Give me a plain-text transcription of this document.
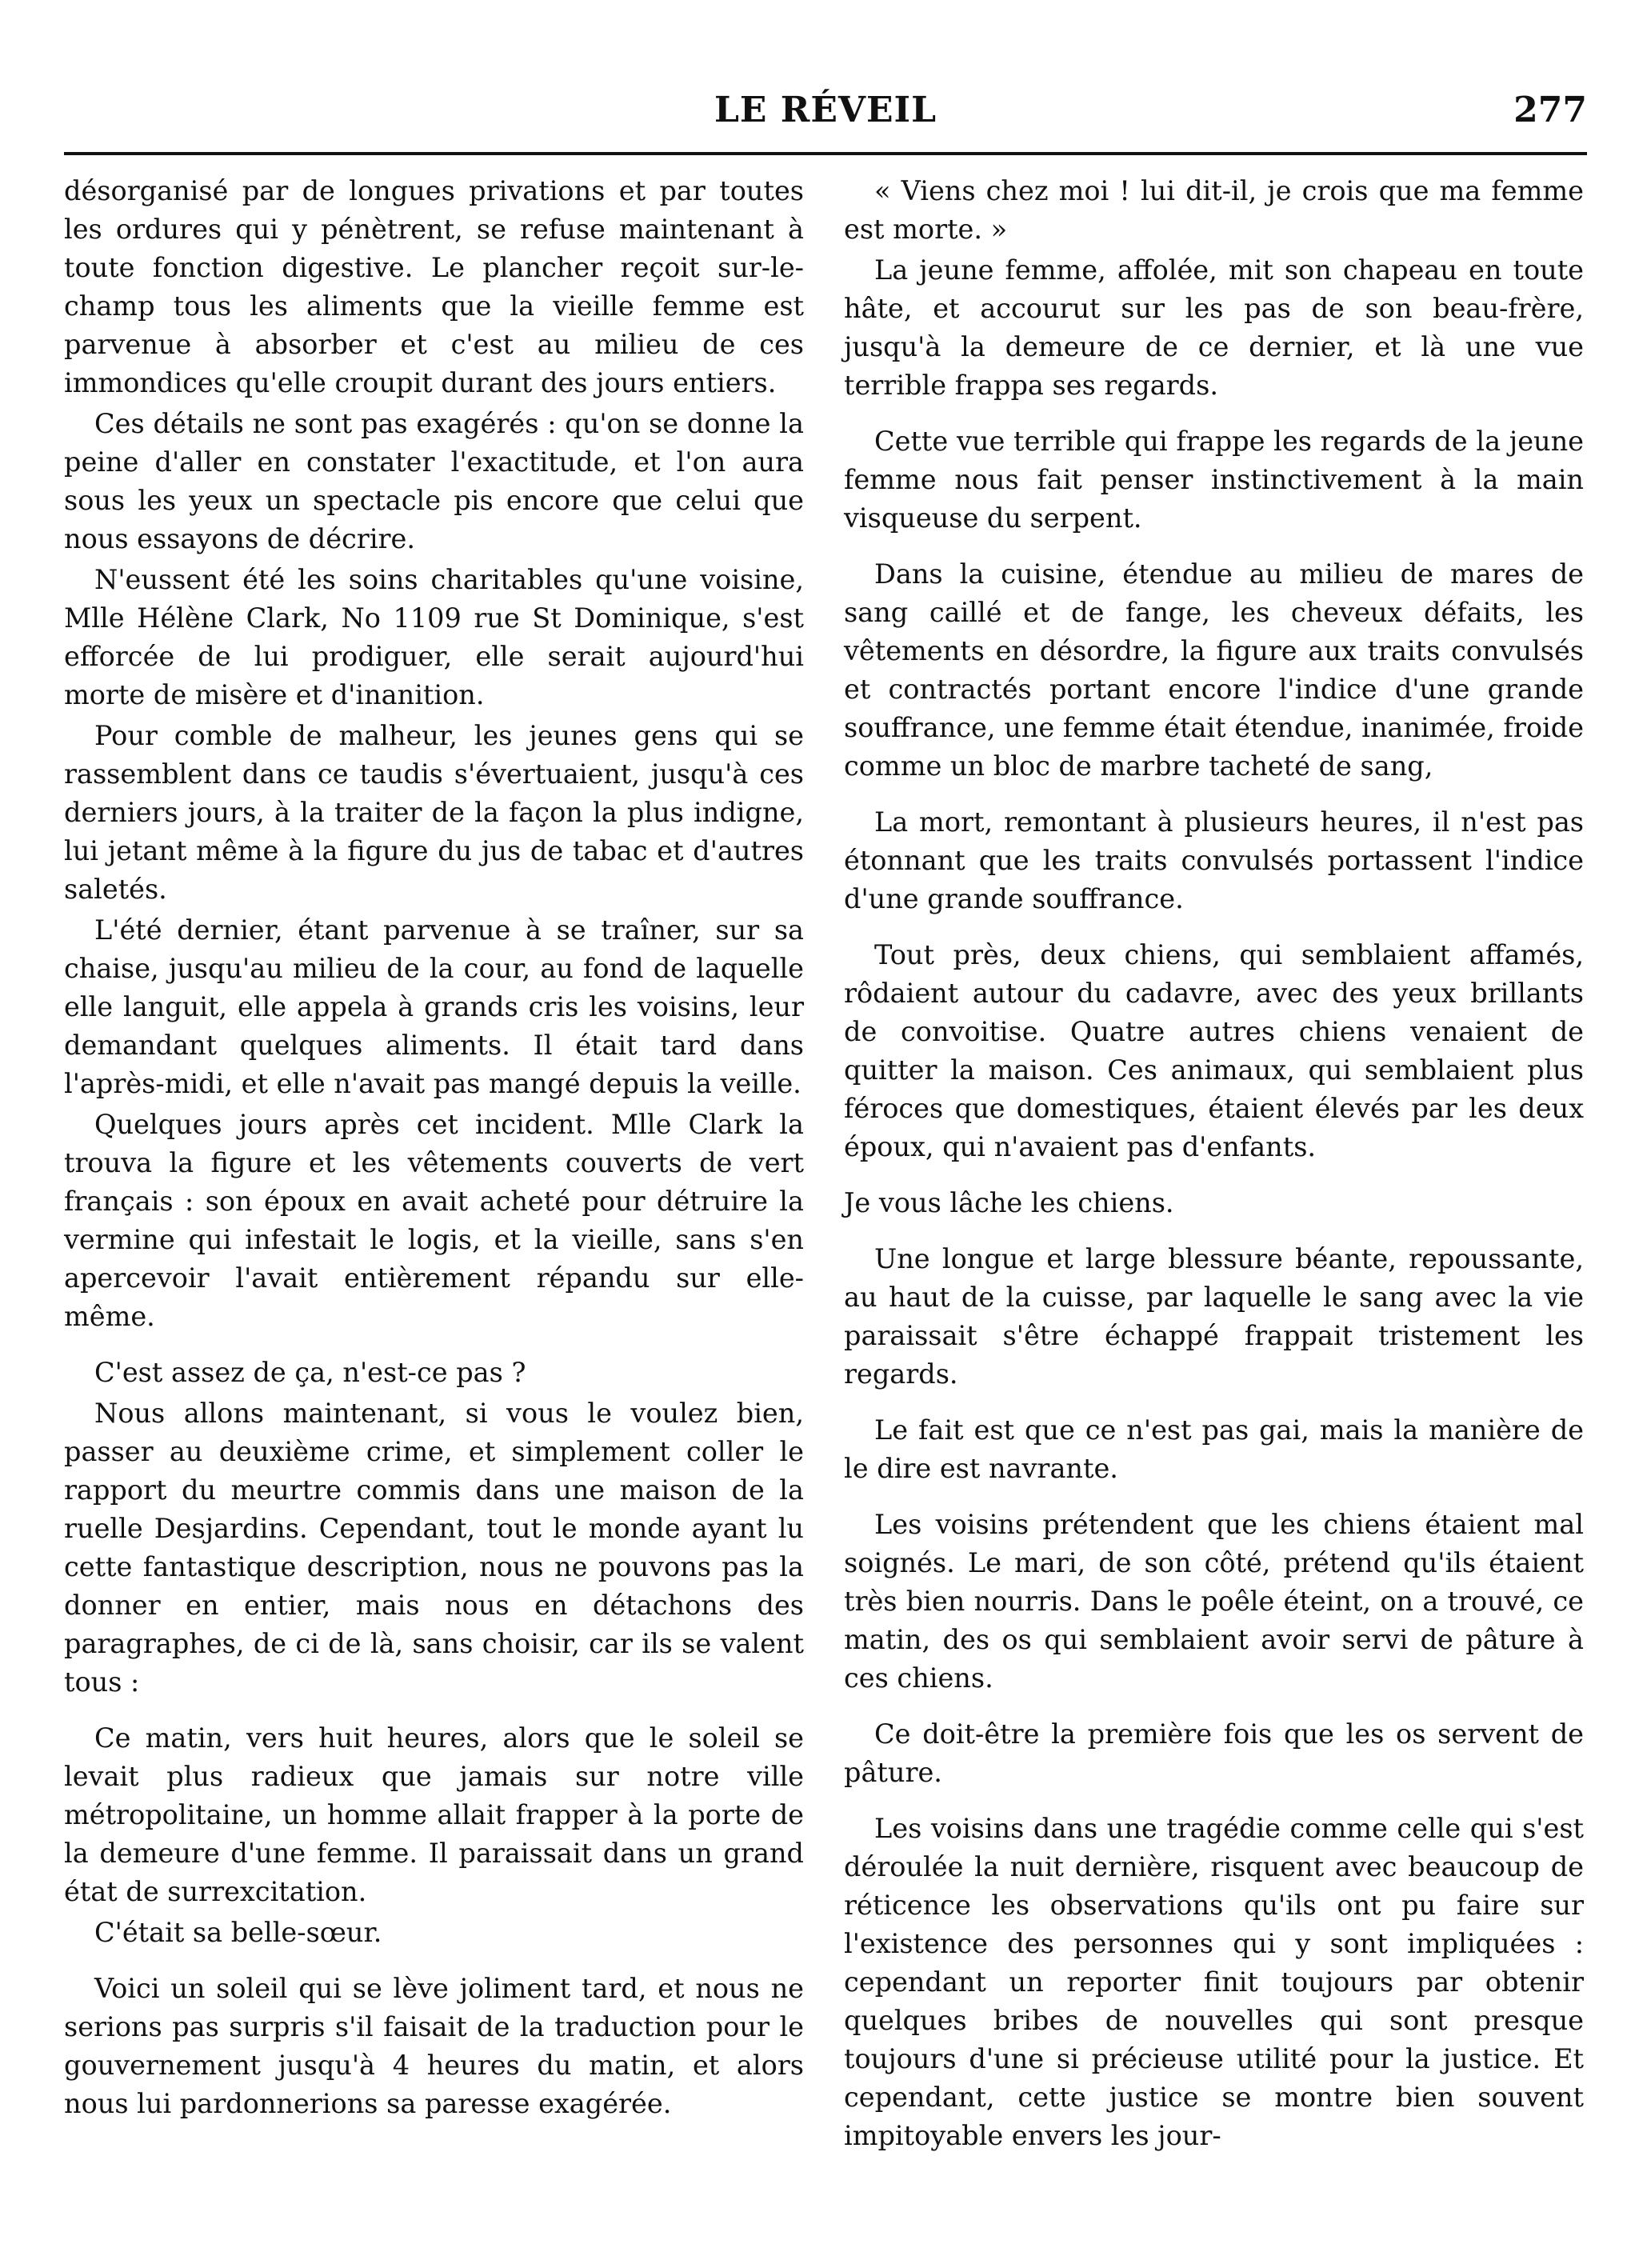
LE RÉVEIL	277

désorganisé par de longues privations et par toutes les ordures qui y pénètrent, se refuse maintenant à toute fonction digestive. Le plancher reçoit sur-le-champ tous les aliments que la vieille femme est parvenue à absorber et c'est au milieu de ces immondices qu'elle croupit durant des jours entiers.

Ces détails ne sont pas exagérés : qu'on se donne la peine d'aller en constater l'exactitude, et l'on aura sous les yeux un spectacle pis encore que celui que nous essayons de décrire.

N'eussent été les soins charitables qu'une voisine, Mlle Hélène Clark, No 1109 rue St Dominique, s'est efforcée de lui prodiguer, elle serait aujourd'hui morte de misère et d'inanition.

Pour comble de malheur, les jeunes gens qui se rassemblent dans ce taudis s'évertuaient, jusqu'à ces derniers jours, à la traiter de la façon la plus indigne, lui jetant même à la figure du jus de tabac et d'autres saletés.

L'été dernier, étant parvenue à se traîner, sur sa chaise, jusqu'au milieu de la cour, au fond de laquelle elle languit, elle appela à grands cris les voisins, leur demandant quelques aliments. Il était tard dans l'après-midi, et elle n'avait pas mangé depuis la veille.

Quelques jours après cet incident. Mlle Clark la trouva la figure et les vêtements couverts de vert français : son époux en avait acheté pour détruire la vermine qui infestait le logis, et la vieille, sans s'en apercevoir l'avait entièrement répandu sur elle-même.

C'est assez de ça, n'est-ce pas ?

Nous allons maintenant, si vous le voulez bien, passer au deuxième crime, et simplement coller le rapport du meurtre commis dans une maison de la ruelle Desjardins. Cependant, tout le monde ayant lu cette fantastique description, nous ne pouvons pas la donner en entier, mais nous en détachons des paragraphes, de ci de là, sans choisir, car ils se valent tous :

Ce matin, vers huit heures, alors que le soleil se levait plus radieux que jamais sur notre ville métropolitaine, un homme allait frapper à la porte de la demeure d'une femme. Il paraissait dans un grand état de surrexcitation.

C'était sa belle-sœur.

Voici un soleil qui se lève joliment tard, et nous ne serions pas surpris s'il faisait de la traduction pour le gouvernement jusqu'à 4 heures du matin, et alors nous lui pardonnerions sa paresse exagérée.

« Viens chez moi ! lui dit-il, je crois que ma femme est morte. »

La jeune femme, affolée, mit son chapeau en toute hâte, et accourut sur les pas de son beau-frère, jusqu'à la demeure de ce dernier, et là une vue terrible frappa ses regards.

Cette vue terrible qui frappe les regards de la jeune femme nous fait penser instinctivement à la main visqueuse du serpent.

Dans la cuisine, étendue au milieu de mares de sang caillé et de fange, les cheveux défaits, les vêtements en désordre, la figure aux traits convulsés et contractés portant encore l'indice d'une grande souffrance, une femme était étendue, inanimée, froide comme un bloc de marbre tacheté de sang,

La mort, remontant à plusieurs heures, il n'est pas étonnant que les traits convulsés portassent l'indice d'une grande souffrance.

Tout près, deux chiens, qui semblaient affamés, rôdaient autour du cadavre, avec des yeux brillants de convoitise. Quatre autres chiens venaient de quitter la maison. Ces animaux, qui semblaient plus féroces que domestiques, étaient élevés par les deux époux, qui n'avaient pas d'enfants.

Je vous lâche les chiens.

Une longue et large blessure béante, repoussante, au haut de la cuisse, par laquelle le sang avec la vie paraissait s'être échappé frappait tristement les regards.

Le fait est que ce n'est pas gai, mais la manière de le dire est navrante.

Les voisins prétendent que les chiens étaient mal soignés. Le mari, de son côté, prétend qu'ils étaient très bien nourris. Dans le poêle éteint, on a trouvé, ce matin, des os qui semblaient avoir servi de pâture à ces chiens.

Ce doit-être la première fois que les os servent de pâture.

Les voisins dans une tragédie comme celle qui s'est déroulée la nuit dernière, risquent avec beaucoup de réticence les observations qu'ils ont pu faire sur l'existence des personnes qui y sont impliquées : cependant un reporter finit toujours par obtenir quelques bribes de nouvelles qui sont presque toujours d'une si précieuse utilité pour la justice. Et cependant, cette justice se montre bien souvent impitoyable envers les jour-
